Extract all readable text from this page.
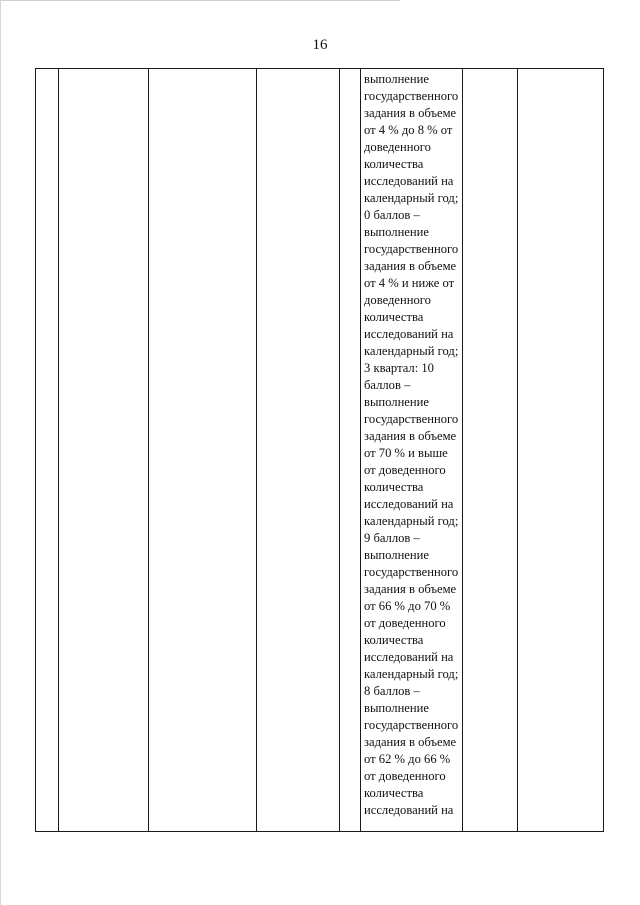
16

выполнение
государственного
задания в объеме
от 4 % до 8 % от
доведенного
количества
исследований на
календарный год;
0 баллов –
выполнение
государственного
задания в объеме
от 4 % и ниже от
доведенного
количества
исследований на
календарный год;
3 квартал: 10
баллов –
выполнение
государственного
задания в объеме
от 70 % и выше
от доведенного
количества
исследований на
календарный год;
9 баллов –
выполнение
государственного
задания в объеме
от 66 % до 70 %
от доведенного
количества
исследований на
календарный год;
8 баллов –
выполнение
государственного
задания в объеме
от 62 % до 66 %
от доведенного
количества
исследований на
